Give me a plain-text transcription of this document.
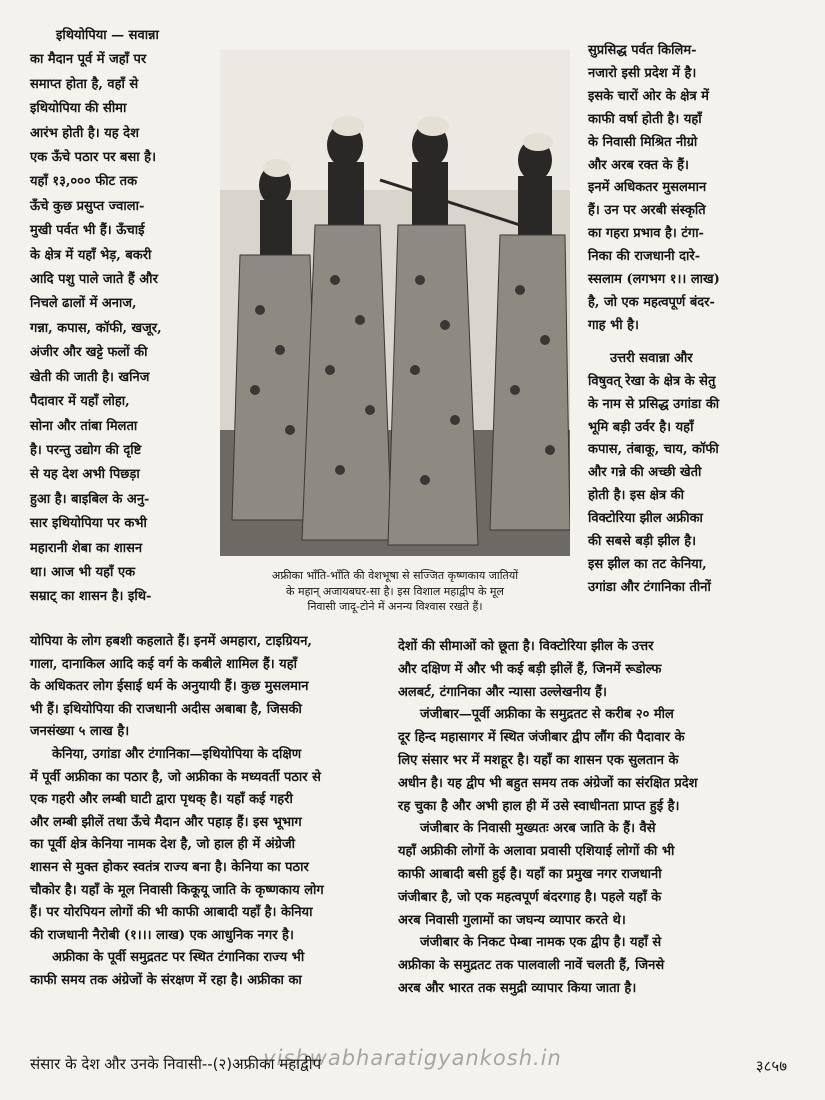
इथियोपिया — सवान्ना

का मैदान पूर्व में जहाँ पर

समाप्त होता है, वहाँ से

इथियोपिया की सीमा

आरंभ होती है। यह देश

एक ऊँचे पठार पर बसा है।

यहाँ १३,००० फीट तक

ऊँचे कुछ प्रसुप्त ज्वाला-

मुखी पर्वत भी हैं। ऊँचाई

के क्षेत्र में यहाँ भेड़, बकरी

आदि पशु पाले जाते हैं और

निचले ढालों में अनाज,

गन्ना, कपास, कॉफी, खजूर,

अंजीर और खट्टे फलों की

खेती की जाती है। खनिज

पैदावार में यहाँ लोहा,

सोना और तांबा मिलता

है। परन्तु उद्योग की दृष्टि

से यह देश अभी पिछड़ा

हुआ है। बाइबिल के अनु-

सार इथियोपिया पर कभी

महारानी शेबा का शासन

था। आज भी यहाँ एक

सम्राट् का शासन है। इथि-

अफ्रीका भाँति-भाँति की वेशभूषा से सज्जित कृष्णकाय जातियों

के महान् अजायबघर-सा है। इस विशाल महाद्वीप के मूल

निवासी जादू-टोने में अनन्य विश्वास रखते हैं।

सुप्रसिद्ध पर्वत किलिम-

नजारो इसी प्रदेश में है।

इसके चारों ओर के क्षेत्र में

काफी वर्षा होती है। यहाँ

के निवासी मिश्रित नीग्रो

और अरब रक्त के हैं।

इनमें अधिकतर मुसलमान

हैं। उन पर अरबी संस्कृति

का गहरा प्रभाव है। टंगा-

निका की राजधानी दारे-

स्सलाम (लगभग १।। लाख)

है, जो एक महत्वपूर्ण बंदर-

गाह भी है।

उत्तरी सवान्ना और

विषुवत् रेखा के क्षेत्र के सेतु

के नाम से प्रसिद्ध उगांडा की

भूमि बड़ी उर्वर है। यहाँ

कपास, तंबाकू, चाय, कॉफी

और गन्ने की अच्छी खेती

होती है। इस क्षेत्र की

विक्टोरिया झील अफ्रीका

की सबसे बड़ी झील है।

इस झील का तट केनिया,

उगांडा और टंगानिका तीनों

योपिया के लोग हबशी कहलाते हैं। इनमें अमहारा, टाइग्रियन,

गाला, दानाकिल आदि कई वर्ग के कबीले शामिल हैं। यहाँ

के अधिकतर लोग ईसाई धर्म के अनुयायी हैं। कुछ मुसलमान

भी हैं। इथियोपिया की राजधानी अदीस अबाबा है, जिसकी

जनसंख्या ५ लाख है।

केनिया, उगांडा और टंगानिका—इथियोपिया के दक्षिण

में पूर्वी अफ्रीका का पठार है, जो अफ्रीका के मध्यवर्ती पठार से

एक गहरी और लम्बी घाटी द्वारा पृथक् है। यहाँ कई गहरी

और लम्बी झीलें तथा ऊँचे मैदान और पहाड़ हैं। इस भूभाग

का पूर्वी क्षेत्र केनिया नामक देश है, जो हाल ही में अंग्रेजी

शासन से मुक्त होकर स्वतंत्र राज्य बना है। केनिया का पठार

चौकोर है। यहाँ के मूल निवासी किकूयू जाति के कृष्णकाय लोग

हैं। पर योरपियन लोगों की भी काफी आबादी यहाँ है। केनिया

की राजधानी नैरोबी (१।।। लाख) एक आधुनिक नगर है।

अफ्रीका के पूर्वी समुद्रतट पर स्थित टंगानिका राज्य भी

काफी समय तक अंग्रेजों के संरक्षण में रहा है। अफ्रीका का

देशों की सीमाओं को छूता है। विक्टोरिया झील के उत्तर

और दक्षिण में और भी कई बड़ी झीलें हैं, जिनमें रूडोल्फ

अलबर्ट, टंगानिका और न्यासा उल्लेखनीय हैं।

जंजीबार—पूर्वी अफ्रीका के समुद्रतट से करीब २० मील

दूर हिन्द महासागर में स्थित जंजीबार द्वीप लौंग की पैदावार के

लिए संसार भर में मशहूर है। यहाँ का शासन एक सुलतान के

अधीन है। यह द्वीप भी बहुत समय तक अंग्रेजों का संरक्षित प्रदेश

रह चुका है और अभी हाल ही में उसे स्वाधीनता प्राप्त हुई है।

जंजीबार के निवासी मुख्यतः अरब जाति के हैं। वैसे

यहाँ अफ्रीकी लोगों के अलावा प्रवासी एशियाई लोगों की भी

काफी आबादी बसी हुई है। यहाँ का प्रमुख नगर राजधानी

जंजीबार है, जो एक महत्वपूर्ण बंदरगाह है। पहले यहाँ के

अरब निवासी गुलामों का जघन्य व्यापार करते थे।

जंजीबार के निकट पेम्बा नामक एक द्वीप है। यहाँ से

अफ्रीका के समुद्रतट तक पालवाली नावें चलती हैं, जिनसे

अरब और भारत तक समुद्री व्यापार किया जाता है।

vishwabharatigyankosh.in
संसार के देश और उनके निवासी--(२)अफ्रीका महाद्वीप	३८५७
